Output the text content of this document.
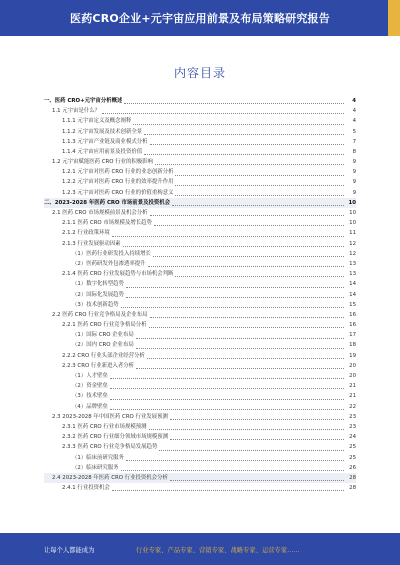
医药CRO企业+元宇宙应用前景及布局策略研究报告
内容目录
一、医药 CRO+元宇宙分析概述	4
1.1 元宇宙是什么？	4
1.1.1 元宇宙定义及概念阐释	4
1.1.2 元宇宙发展及技术创新全景	5
1.1.3 元宇宙产业链及商业模式分析	7
1.1.4 元宇宙应用前景及投资价值	8
1.2 元宇宙赋能医药 CRO 行业的积极影响	9
1.2.1 元宇宙对医药 CRO 行业的业态创新分析	9
1.2.2 元宇宙对医药 CRO 行业的效率提升作用	9
1.2.3 元宇宙对医药 CRO 行业的价值重构意义	9
二、2023-2028 年医药 CRO 市场前景及投资机会	10
2.1 医药 CRO 市场规模前景及机会分析	10
2.1.1 医药 CRO 市场规模及增长趋势	10
2.1.2 行业政策环境	11
2.1.3 行业发展驱动因素	12
（1）医药行业研发投入持续增长	12
（2）医药研发外包渗透率提升	13
2.1.4 医药 CRO 行业发展趋势与市场机会判断	13
（1）数字化转型趋势	14
（2）国际化发展趋势	14
（3）技术创新趋势	15
2.2 医药 CRO 行业竞争格局及企业布局	16
2.2.1 医药 CRO 行业竞争格局分析	16
（1）国际 CRO 企业布局	17
（2）国内 CRO 企业布局	18
2.2.2 CRO 行业头部企业经营分析	19
2.2.3 CRO 行业新进入者分析	20
（1）人才壁垒	20
（2）资金壁垒	21
（3）技术壁垒	21
（4）品牌壁垒	22
2.3 2023-2028 年中国医药 CRO 行业发展预测	23
2.3.1 医药 CRO 行业市场规模预测	23
2.3.2 医药 CRO 行业细分领域市场规模预测	24
2.3.3 医药 CRO 行业竞争格局发展趋势	25
（1）临床前研究服务	25
（2）临床研究服务	26
2.4 2023-2028 年医药 CRO 行业投资机会分析	28
2.4.1 行业投资机会	28
让每个人都能成为	行业专家、产品专家、营销专家、战略专家、运营专家……
